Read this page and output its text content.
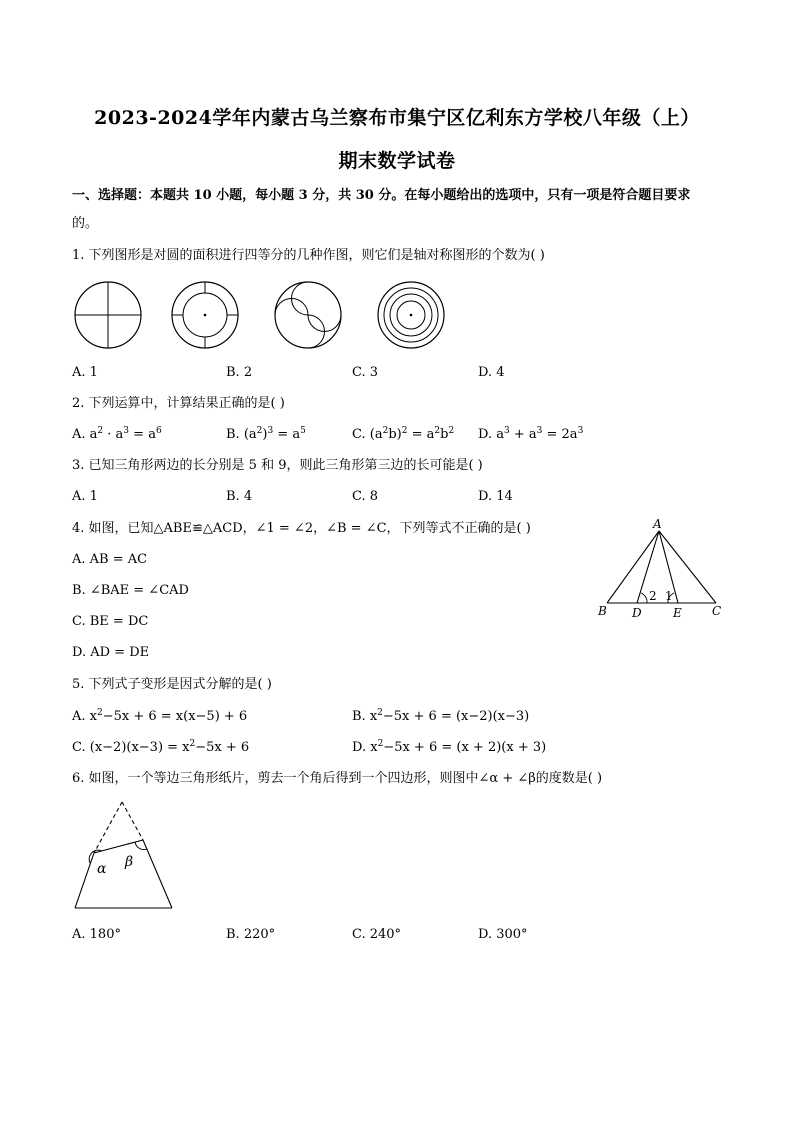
2023-2024学年内蒙古乌兰察布市集宁区亿利东方学校八年级（上）
期末数学试卷
一、选择题：本题共 10 小题，每小题 3 分，共 30 分。在每小题给出的选项中，只有一项是符合题目要求
的。
1. 下列图形是对圆的面积进行四等分的几种作图，则它们是轴对称图形的个数为( )
A. 1	B. 2	C. 3	D. 4
2. 下列运算中，计算结果正确的是( )
A. $a^2 \cdot a^3 = a^6$	B. $(a^2)^3 = a^5$	C. $(a^2b)^2 = a^2b^2$ D. $a^3 + a^3 = 2a^3$
3. 已知三角形两边的长分别是 5 和 9，则此三角形第三边的长可能是( )
A. 1	B. 4	C. 8	D. 14
4. 如图，已知△ABE≌△ACD，∠1 = ∠2，∠B = ∠C，下列等式不正确的是( )
A. AB = AC
B. ∠BAE = ∠CAD
C. BE = DC
D. AD = DE
A
B D	E	C
2 1
5. 下列式子变形是因式分解的是( )
A. $x^2-5x + 6 = x(x-5) + 6$	B. $x^2-5x + 6 = (x-2)(x-3)$
C. $(x-2)(x-3) = x^2-5x + 6$	D. $x^2-5x + 6 = (x + 2)(x + 3)$
6. 如图，一个等边三角形纸片，剪去一个角后得到一个四边形，则图中∠α + ∠β的度数是( )
α β
A. 180°	B. 220°	C. 240°	D. 300°
